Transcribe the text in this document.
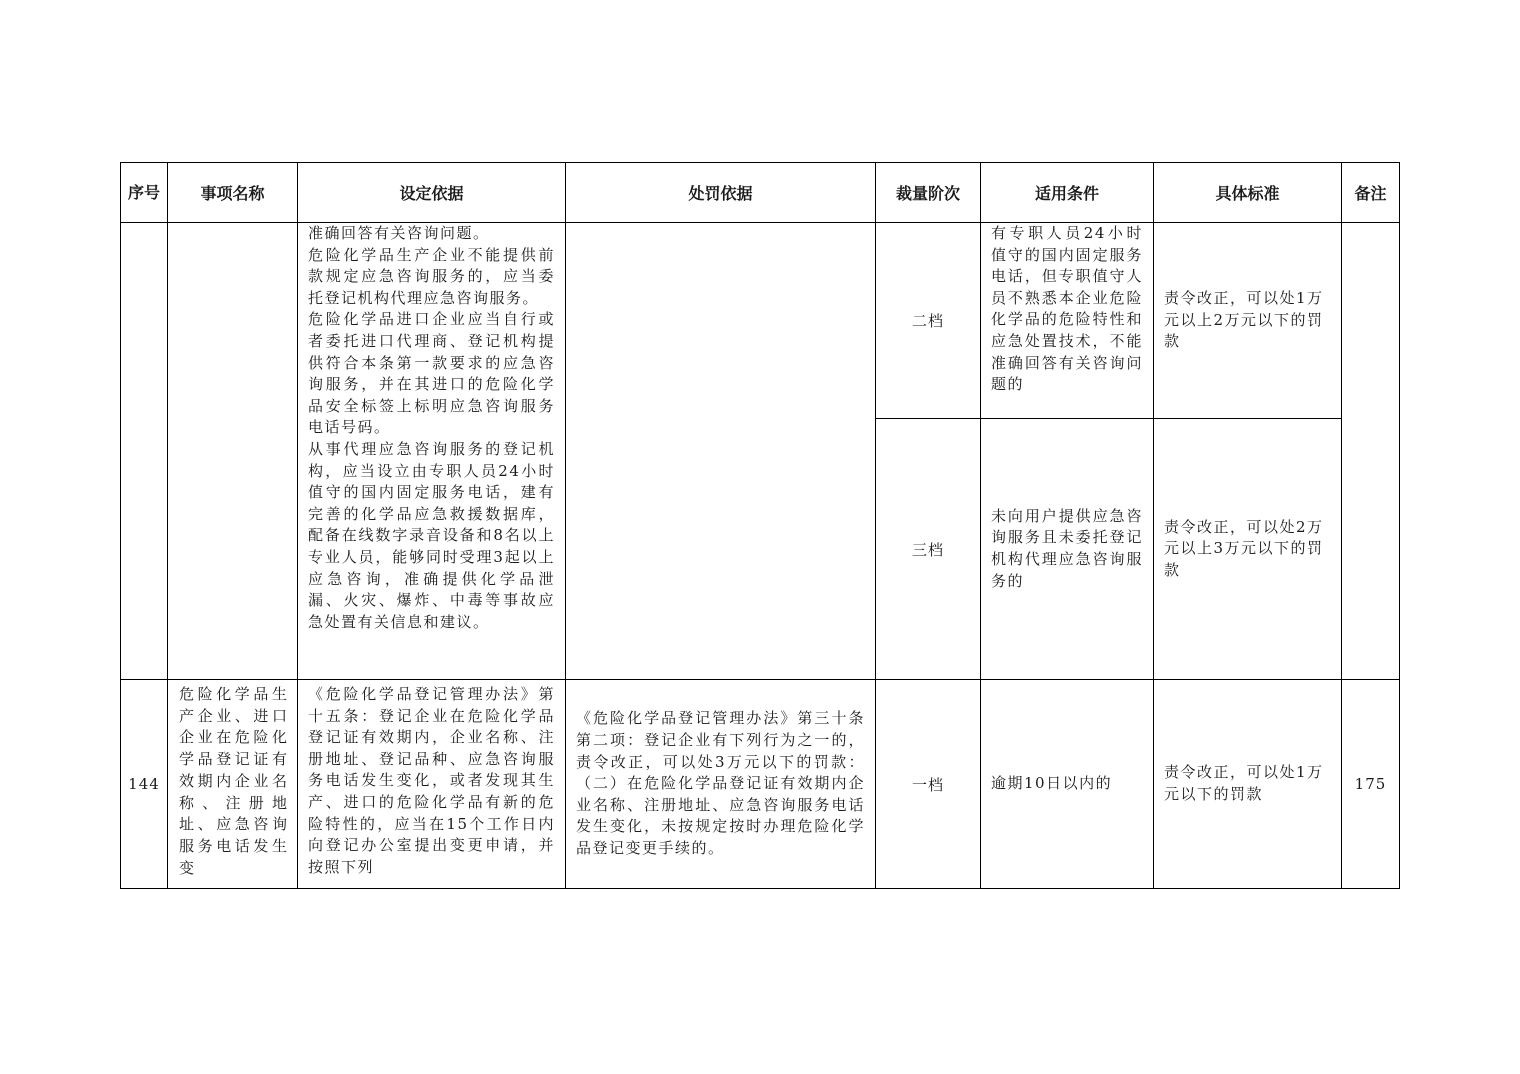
序号	事项名称	设定依据	处罚依据	裁量阶次	适用条件	具体标准	备注

		准确回答有关咨询问题。
危险化学品生产企业不能提供前款规定应急咨询服务的，应当委托登记机构代理应急咨询服务。
危险化学品进口企业应当自行或者委托进口代理商、登记机构提供符合本条第一款要求的应急咨询服务，并在其进口的危险化学品安全标签上标明应急咨询服务电话号码。
从事代理应急咨询服务的登记机构，应当设立由专职人员24小时值守的国内固定服务电话，建有完善的化学品应急救援数据库，配备在线数字录音设备和8名以上专业人员，能够同时受理3起以上应急咨询，准确提供化学品泄漏、火灾、爆炸、中毒等事故应急处置有关信息和建议。		二档	有专职人员24小时值守的国内固定服务电话，但专职值守人员不熟悉本企业危险化学品的危险特性和应急处置技术，不能准确回答有关咨询问题的	责令改正，可以处1万元以上2万元以下的罚款	

				三档	未向用户提供应急咨询服务且未委托登记机构代理应急咨询服务的	责令改正，可以处2万元以上3万元以下的罚款	

144	危险化学品生产企业、进口企业在危险化学品登记证有效期内企业名称、注册地址、应急咨询服务电话发生变	《危险化学品登记管理办法》第十五条：登记企业在危险化学品登记证有效期内，企业名称、注册地址、登记品种、应急咨询服务电话发生变化，或者发现其生产、进口的危险化学品有新的危险特性的，应当在15个工作日内向登记办公室提出变更申请，并按照下列	《危险化学品登记管理办法》第三十条第二项：登记企业有下列行为之一的，责令改正，可以处3万元以下的罚款：（二）在危险化学品登记证有效期内企业名称、注册地址、应急咨询服务电话发生变化，未按规定按时办理危险化学品登记变更手续的。	一档	逾期10日以内的	责令改正，可以处1万元以下的罚款	175
